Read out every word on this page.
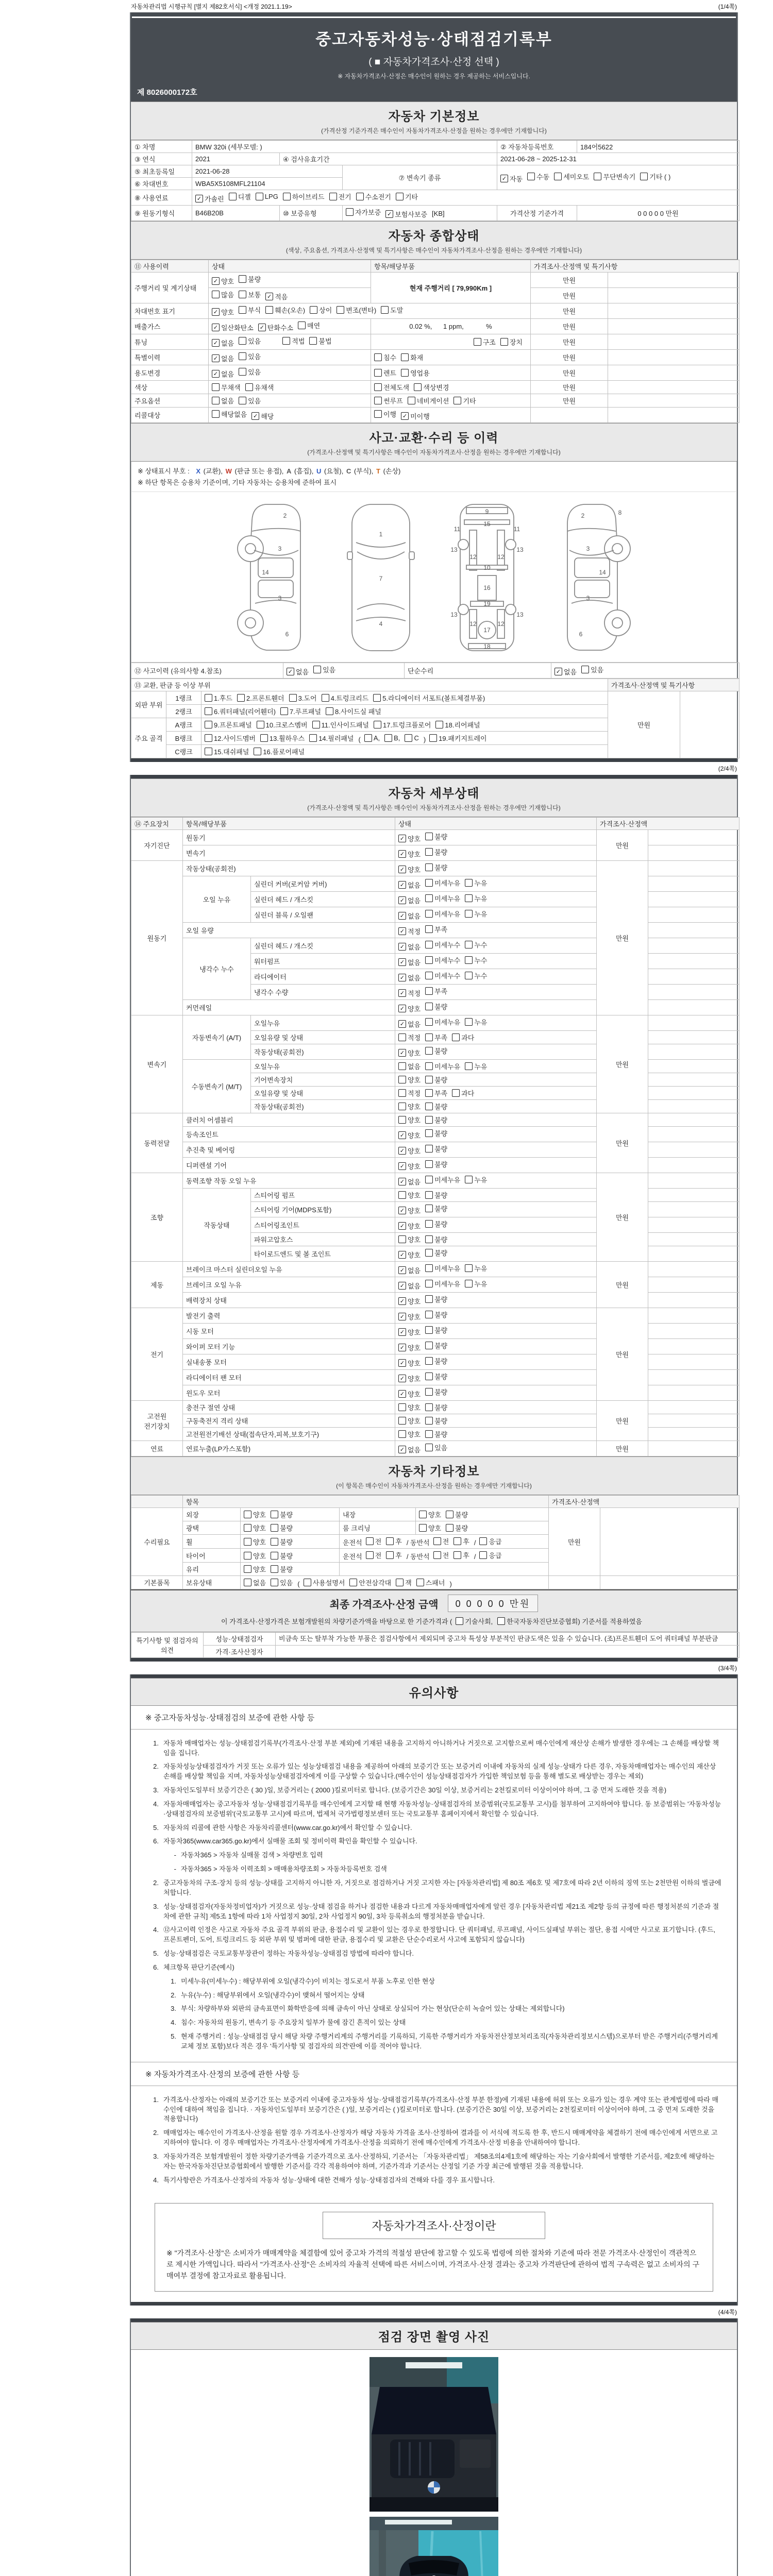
자동차관리법 시행규칙 [별지 제82호서식] <개정 2021.1.19>	(1/4쪽)
중고자동차성능·상태점검기록부
( ■ 자동차가격조사·산정 선택 )
※ 자동차가격조사·산정은 매수인이 원하는 경우 제공하는 서비스입니다.
제 8026000172호
자동차 기본정보
(가격산정 기준가격은 매수인이 자동차가격조사·산정을 원하는 경우에만 기재합니다)
① 차명	BMW 320i (세부모델: )			② 자동차등록번호	184어5622
③ 연식	2021	④ 검사유효기간		2021-06-28 ~ 2025-12-31	
⑤ 최초등록일	2021-06-28	⑦ 변속기 종류	✓ 자동 수동 세미오토 무단변속기 기타 ( )

⑥ 차대번호	WBA5X5108MFL21104				
⑧ 사용연료	✓ 가솔린 디젤 LPG 하이브리드 전기 수소전기 기타

⑨ 원동기형식	B46B20B	⑩ 보증유형	자가보증 ✓ 보험사보증 [KB]	가격산정 기준가격	0 0 0 0 0 만원
자동차 종합상태
(색상, 주요옵션, 가격조사·산정액 및 특기사항은 매수인이 자동차가격조사·산정을 원하는 경우에만 기재합니다)
⑪ 사용이력	상태	항목/해당부품	가격조사·산정액 및 특기사항	
주행거리 및 계기상태	✓ 양호 불량	현재 주행거리 [ 79,990Km ]	만원	

	많음 보통 ✓ 적음		만원	
차대번호 표기	✓ 양호 부식 훼손(오손) 상이 변조(변타) 도말	만원	
배출가스	✓ 일산화탄소 ✓ 탄화수소 매연	0.02 %,      1 ppm,            %	만원	
튜닝	✓ 없음 있음
　　 적법 불법	구조 장치	만원	
특별이력	✓ 없음 있음	침수 화재	만원	
용도변경	✓ 없음 있음	렌트 영업용	만원	
색상	무채색 유채색	전체도색 색상변경	만원	
주요옵션	없음 있음	썬루프 네비게이션 기타	만원	
리콜대상	해당없음 ✓ 해당	이행 ✓ 미이행		

사고·교환·수리 등 이력
(가격조사·산정액 및 특기사항은 매수인이 자동차가격조사·산정을 원하는 경우에만 기재합니다)
※ 상태표시 부호 : X (교환), W (판금 또는 용접), A (흠집), U (요철), C (부식), T (손상)
※ 하단 항목은 승용차 기준이며, 기타 자동차는 승용차에 준하여 표시
2
3
14
3
6
1
7
4
9
15
11	11
13	13
12	12
10
16
19
13	13
12	12
17
18
2	8
3
14
3
6
⑫ 사고이력 (유의사항 4.참조)	✓ 없음 있음	단순수리	✓ 없음 있음
⑬ 교환, 판금 등 이상 부위			가격조사·산정액 및 특기사항	
외판 부위	1랭크	1.후드 2.프론트휀더 3.도어 4.트렁크리드 5.라디에이터 서포트(볼트체결부품)	만원	
	2랭크	6.쿼터패널(리어휀더) 7.루프패널 8.사이드실 패널		

주요 골격	A랭크	9.프론트패널 10.크로스멤버 11.인사이드패널 17.트렁크플로어 18.리어패널		

B랭크	12.사이드멤버 13.휠하우스 14.필러패널 ( A, B, C ) 19.패키지트레이

	C랭크	15.대쉬패널 16.플로어패널		
(2/4쪽)
자동차 세부상태
(가격조사·산정액 및 특기사항은 매수인이 자동차가격조사·산정을 원하는 경우에만 기재합니다)
⑭ 주요장치	항목/해당부품		상태	가격조사·산정액	
자기진단	원동기		✓ 양호 불량	만원	
	변속기		✓ 양호 불량		

원동기	작동상태(공회전)		✓ 양호 불량	만원	
	오일 누유	실린더 커버(로커암 커버)	✓ 없음 미세누유 누유		

		실린더 헤드 / 개스킷	✓ 없음 미세누유 누유		

		실린더 블록 / 오일팬	✓ 없음 미세누유 누유		

	오일 유량		✓ 적정 부족		

	냉각수 누수	실린더 헤드 / 개스킷	✓ 없음 미세누수 누수		

		워터펌프	✓ 없음 미세누수 누수		

		라디에이터	✓ 없음 미세누수 누수		

		냉각수 수량	✓ 적정 부족		

	커먼레일		✓ 양호 불량		

변속기	자동변속기 (A/T)	오일누유	✓ 없음 미세누유 누유	만원	
		오일유량 및 상태	적정 부족 과다		

		작동상태(공회전)	✓ 양호 불량		

	수동변속기 (M/T)	오일누유	없음 미세누유 누유		

		기어변속장치	양호 불량		

		오일유량 및 상태	적정 부족 과다		

		작동상태(공회전)	양호 불량		

동력전달	클러치 어셈블리		양호 불량	만원	
	등속조인트		✓ 양호 불량		

	추진축 및 베어링		✓ 양호 불량		

	디퍼렌셜 기어		✓ 양호 불량		

조향	동력조향 작동 오일 누유		✓ 없음 미세누유 누유	만원	
	작동상태	스티어링 펌프	양호 불량		

		스티어링 기어(MDPS포함)	✓ 양호 불량		

		스티어링조인트	✓ 양호 불량		

		파워고압호스	양호 불량		

		타이로드엔드 및 볼 조인트	✓ 양호 불량		

제동	브레이크 마스터 실린더오일 누유		✓ 없음 미세누유 누유	만원	
	브레이크 오일 누유		✓ 없음 미세누유 누유		

	배력장치 상태		✓ 양호 불량		

전기	발전기 출력		✓ 양호 불량	만원	
	시동 모터		✓ 양호 불량		

	와이퍼 모터 기능		✓ 양호 불량		

	실내송풍 모터		✓ 양호 불량		

	라디에이터 팬 모터		✓ 양호 불량		

	윈도우 모터		✓ 양호 불량		

고전원 전기장치	충전구 절연 상태		양호 불량	만원	
	구동축전지 격리 상태		양호 불량		

	고전원전기배선 상태(접속단자,피복,보호기구)		양호 불량		

연료	연료누출(LP가스포함)		✓ 없음 있음	만원	
자동차 기타정보
(이 항목은 매수인이 자동차가격조사·산정을 원하는 경우에만 기재합니다)
	항목				가격조사·산정액	
수리필요	외장	양호 불량	내장	양호 불량	만원	
	광택	양호 불량	룸 크리닝	양호 불량		

휠	양호 불량	운전석 전 후 / 동반석 전 후 / 응급

타이어	양호 불량	운전석 전 후 / 동반석 전 후 / 응급

	유리	양호 불량				

기본품목	보유상태	없음 있음 ( 사용설명서 안전삼각대 잭 스패너 )		
최종 가격조사·산정 금액	0 0 0 0 0 만원
이 가격조사·산정가격은 보험개발원의 차량기준가액을 바탕으로 한 기준가격과 ( 기술사회, 한국자동차진단보증협회) 기준서를 적용하였음
특기사항 및 점검자의 의견	성능·상태점검자	비금속 또는 탈부착 가능한 부품은 점검사항에서 제외되며 중고차 특성상 부분적인 판금도색은 있을 수 있습니다. (조)프론트휀더 도어 쿼터패널 부분판금
	가격·조사산정자	
(3/4쪽)
유의사항
※ 중고자동차성능·상태점검의 보증에 관한 사항 등
1. 자동차 매매업자는 성능·상태점검기록부(가격조사·산정 부분 제외)에 기재된 내용을 고지하지 아니하거나 거짓으로 고지함으로써 매수인에게 재산상 손해가 발생한 경우에는 그 손해를 배상할 책임을 집니다.
2. 자동차성능상태점검자가 거짓 또는 오류가 있는 성능상태점검 내용을 제공하여 아래의 보증기간 또는 보증거리 이내에 자동차의 실제 성능·상태가 다른 경우, 자동차매매업자는 매수인의 재산상 손해를 배상할 책임을 지며, 자동차성능상태점검자에게 이를 구상할 수 있습니다.(매수인이 성능상태점검자가 가입한 책임보험 등을 통해 별도로 배상받는 경우는 제외)
3. 자동차인도일부터 보증기간은 ( 30 )일, 보증거리는 ( 2000 )킬로미터로 합니다. (보증기간은 30일 이상, 보증거리는 2천킬로미터 이상이어야 하며, 그 중 먼저 도래한 것을 적용)
4. 자동차매매업자는 중고자동차 성능·상태점검기록부를 매수인에게 고지할 때 현행 자동차성능·상태점검자의 보증범위(국토교통부 고시)를 첨부하여 고지하여야 합니다. 동 보증범위는 '자동차성능·상태점검자의 보증범위'(국토교통부 고시)에 따르며, 법제처 국가법령정보센터 또는 국토교통부 홈페이지에서 확인할 수 있습니다.
5. 자동차의 리콜에 관한 사항은 자동차리콜센터(www.car.go.kr)에서 확인할 수 있습니다.
6. 자동차365(www.car365.go.kr)에서 실매물 조회 및 정비이력 확인을 확인할 수 있습니다.
- 자동차365 > 자동차 실매물 검색 > 차량번호 입력
- 자동차365 > 자동차 이력조회 > 매매용차량조회 > 자동차등록번호 검색
2. 중고자동차의 구조·장치 등의 성능·상태를 고지하지 아니한 자, 거짓으로 점검하거나 거짓 고지한 자는 [자동차관리법] 제 80조 제6호 및 제7호에 따라 2년 이하의 징역 또는 2천만원 이하의 벌금에 처합니다.
3. 성능·상태점검자(자동차정비업자)가 거짓으로 성능·상태 점검을 하거나 점검한 내용과 다르게 자동차매매업자에게 알린 경우 [자동차관리법 제21조 제2항 등의 규정에 따른 행정처분의 기준과 절차에 관한 규칙] 제5조 1항에 따라 1차 사업정지 30일, 2차 사업정지 90일, 3차 등록취소의 행정처분을 받습니다.
4. ⑫사고이력 인정은 사고로 자동차 주요 골격 부위의 판금, 용접수리 및 교환이 있는 경우로 한정합니다. 단 쿼터패널, 루프패널, 사이드실패널 부위는 절단, 용접 시에만 사고로 표기합니다. (후드, 프론트펜더, 도어, 트렁크리드 등 외판 부위 및 범퍼에 대한 판금, 용접수리 및 교환은 단순수리로서 사고에 포함되지 않습니다)
5. 성능·상태점검은 국토교통부장관이 정하는 자동차성능·상태점검 방법에 따라야 합니다.
6. 체크항목 판단기준(예시)
1. 미세누유(미세누수) : 해당부위에 오일(냉각수)이 비치는 정도로서 부품 노후로 인한 현상
2. 누유(누수) : 해당부위에서 오일(냉각수)이 맺혀서 떨어지는 상태
3. 부식: 차량하부와 외판의 금속표면이 화학반응에 의해 금속이 아닌 상태로 상실되어 가는 현상(단순히 녹슬어 있는 상태는 제외합니다)
4. 침수: 자동차의 원동기, 변속기 등 주요장치 일부가 물에 잠긴 흔적이 있는 상태
5. 현재 주행거리 : 성능·상태점검 당시 해당 차량 주행거리계의 주행거리를 기록하되, 기록한 주행거리가 자동차전산정보처리조직(자동차관리정보시스템)으로부터 받은 주행거리(주행거리계 교체 정보 포함)보다 적은 경우 '특기사항 및 점검자의 의견'란에 이를 적어야 합니다.
※ 자동차가격조사·산정의 보증에 관한 사항 등
1. 가격조사·산정자는 아래의 보증기간 또는 보증거리 이내에 중고자동차 성능·상태점검기록부(가격조사·산정 부분 한정)에 기재된 내용에 허위 또는 오류가 있는 경우 계약 또는 관계법령에 따라 매수인에 대하여 책임을 집니다. · 자동차인도일부터 보증기간은 ( )일, 보증거리는 ( )킬로미터로 합니다. (보증기간은 30일 이상, 보증거리는 2천킬로미터 이상이어야 하며, 그 중 먼저 도래한 것을 적용합니다)
2. 매매업자는 매수인이 가격조사·산정을 원할 경우 가격조사·산정자가 해당 자동차 가격을 조사·산정하여 결과를 이 서식에 적도록 한 후, 반드시 매매계약을 체결하기 전에 매수인에게 서면으로 고지하여야 합니다. 이 경우 매매업자는 가격조사·산정자에게 가격조사·산정을 의뢰하기 전에 매수인에게 가격조사·산정 비용을 안내하여야 합니다.
3. 자동차가격은 보험개발원이 정한 차량기준가액을 기준가격으로 조사·산정하되, 기준서는 「자동차관리법」 제58조의4제1호에 해당하는 자는 기술사회에서 발행한 기준서를, 제2호에 해당하는 자는 한국자동차진단보증협회에서 발행한 기준서를 각각 적용하여야 하며, 기준가격과 기준서는 산정일 기준 가장 최근에 발행된 것을 적용합니다.
4. 특기사항란은 가격조사·산정자의 자동차 성능·상태에 대한 견해가 성능·상태점검자의 견해와 다를 경우 표시합니다.
자동차가격조사·산정이란
※ "가격조사·산정"은 소비자가 매매계약을 체결함에 있어 중고차 가격의 적절성 판단에 참고할 수 있도록 법령에 의한 절차와 기준에 따라 전문 가격조사·산정인이 객관적으로 제시한 가액입니다. 따라서 "가격조사·산정"은 소비자의 자율적 선택에 따른 서비스이며, 가격조사·산정 결과는 중고차 가격판단에 관하여 법적 구속력은 없고 소비자의 구매여부 결정에 참고자료로 활용됩니다.
(4/4쪽)
점검 장면 촬영 사진
